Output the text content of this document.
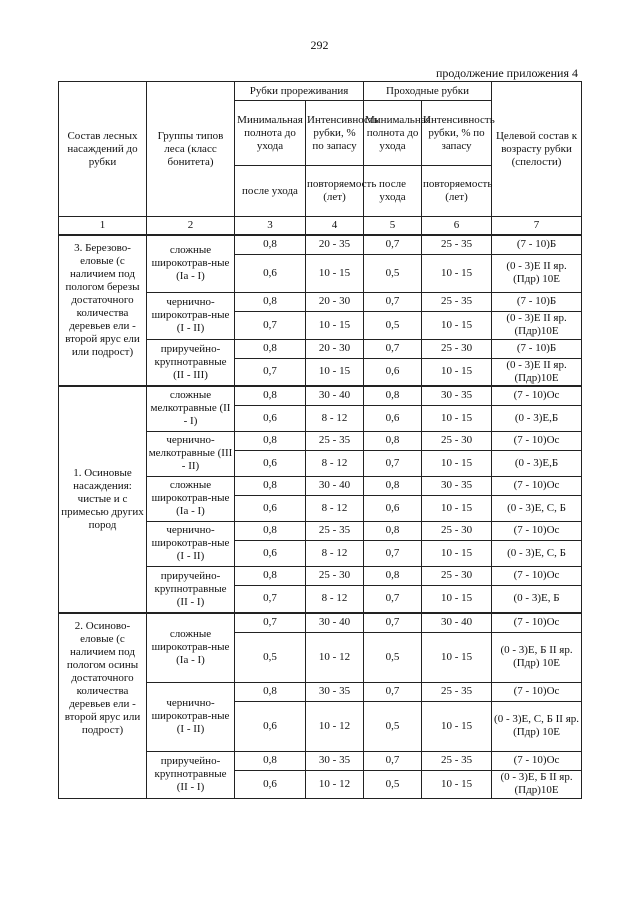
292
продолжение приложения 4
Состав лесных насаждений до рубки	Группы типов леса (класс бонитета)	Рубки прореживания		Проходные рубки		Целевой состав к возрасту рубки (спелости)
		Минимальная полнота до ухода	Интенсивность рубки, % по запасу	Минимальная полнота до ухода	Интенсивность рубки, % по запасу	
		после ухода	повторяемость (лет)	после ухода	повторяемость (лет)	
1	2	3	4	5	6	7
3. Березово-еловые (с наличием под пологом березы достаточного количества деревьев ели - второй ярус ели или подрост)	сложные широкотрав-ные (Iа - I)	0,8	20 - 35	0,7	25 - 35	(7 - 10)Б
		0,6	10 - 15	0,5	10 - 15	(0 - 3)Е II яр. (Пдр) 10Е
	чернично-широкотрав-ные (I - II)	0,8	20 - 30	0,7	25 - 35	(7 - 10)Б
		0,7	10 - 15	0,5	10 - 15	(0 - 3)Е II яр.(Пдр)10Е
	приручейно-крупнотравные (II - III)	0,8	20 - 30	0,7	25 - 30	(7 - 10)Б
		0,7	10 - 15	0,6	10 - 15	(0 - 3)Е II яр.(Пдр)10Е
1. Осиновые насаждения: чистые и с примесью других пород	сложные мелкотравные (II - I)	0,8	30 - 40	0,8	30 - 35	(7 - 10)Ос
		0,6	8 - 12	0,6	10 - 15	(0 - 3)Е,Б
	чернично-мелкотравные (III - II)	0,8	25 - 35	0,8	25 - 30	(7 - 10)Ос
		0,6	8 - 12	0,7	10 - 15	(0 - 3)Е,Б
	сложные широкотрав-ные (Iа - I)	0,8	30 - 40	0,8	30 - 35	(7 - 10)Ос
		0,6	8 - 12	0,6	10 - 15	(0 - 3)Е, С, Б
	чернично-широкотрав-ные (I - II)	0,8	25 - 35	0,8	25 - 30	(7 - 10)Ос
		0,6	8 - 12	0,7	10 - 15	(0 - 3)Е, С, Б
	приручейно-крупнотравные (II - I)	0,8	25 - 30	0,8	25 - 30	(7 - 10)Ос
		0,7	8 - 12	0,7	10 - 15	(0 - 3)Е, Б
2. Осиново-еловые (с наличием под пологом осины достаточного количества деревьев ели - второй ярус или подрост)	сложные широкотрав-ные (Iа - I)	0,7	30 - 40	0,7	30 - 40	(7 - 10)Ос
		0,5	10 - 12	0,5	10 - 15	(0 - 3)Е, Б II яр. (Пдр) 10Е
	чернично-широкотрав-ные (I - II)	0,8	30 - 35	0,7	25 - 35	(7 - 10)Ос
		0,6	10 - 12	0,5	10 - 15	(0 - 3)Е, С, Б II яр. (Пдр) 10Е
	приручейно-крупнотравные (II - I)	0,8	30 - 35	0,7	25 - 35	(7 - 10)Ос
		0,6	10 - 12	0,5	10 - 15	(0 - 3)Е, Б II яр.(Пдр)10Е
